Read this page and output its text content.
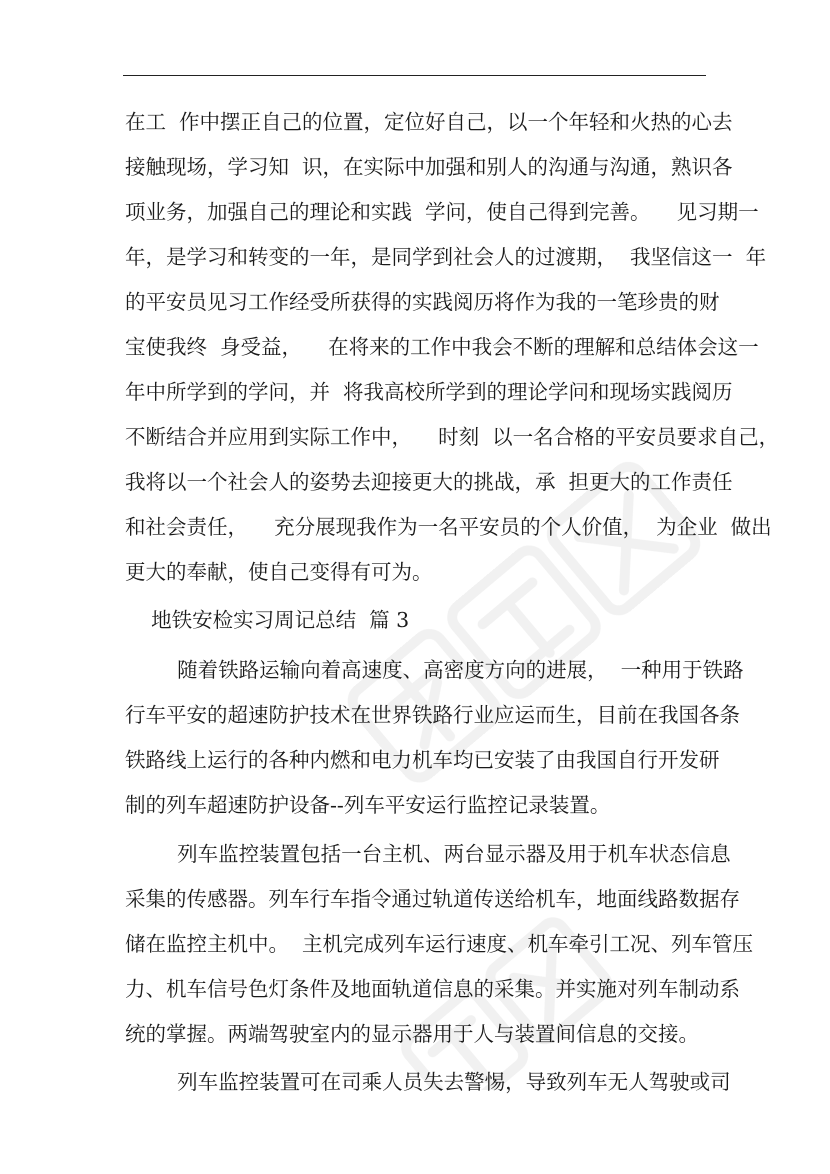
在工  作中摆正自己的位置，定位好自己，以一个年轻和火热的心去
接触现场，学习知  识，在实际中加强和别人的沟通与沟通，熟识各
项业务，加强自己的理论和实践  学问，使自己得到完善。    见习期一
年，是学习和转变的一年，是同学到社会人的过渡期，  我坚信这一  年
的平安员见习工作经受所获得的实践阅历将作为我的一笔珍贵的财
宝使我终  身受益，    在将来的工作中我会不断的理解和总结体会这一
年中所学到的学问，并  将我高校所学到的理论学问和现场实践阅历
不断结合并应用到实际工作中，    时刻  以一名合格的平安员要求自己，
我将以一个社会人的姿势去迎接更大的挑战，承  担更大的工作责任
和社会责任，    充分展现我作为一名平安员的个人价值，  为企业  做出
更大的奉献，使自己变得有可为。
地铁安检实习周记总结  篇 3
随着铁路运输向着高速度、高密度方向的进展，  一种用于铁路
行车平安的超速防护技术在世界铁路行业应运而生，目前在我国各条
铁路线上运行的各种内燃和电力机车均已安装了由我国自行开发研
制的列车超速防护设备--列车平安运行监控记录装置。
列车监控装置包括一台主机、两台显示器及用于机车状态信息
采集的传感器。列车行车指令通过轨道传送给机车，地面线路数据存
储在监控主机中。  主机完成列车运行速度、机车牵引工况、列车管压
力、机车信号色灯条件及地面轨道信息的采集。并实施对列车制动系
统的掌握。两端驾驶室内的显示器用于人与装置间信息的交接。
列车监控装置可在司乘人员失去警惕，导致列车无人驾驶或司
